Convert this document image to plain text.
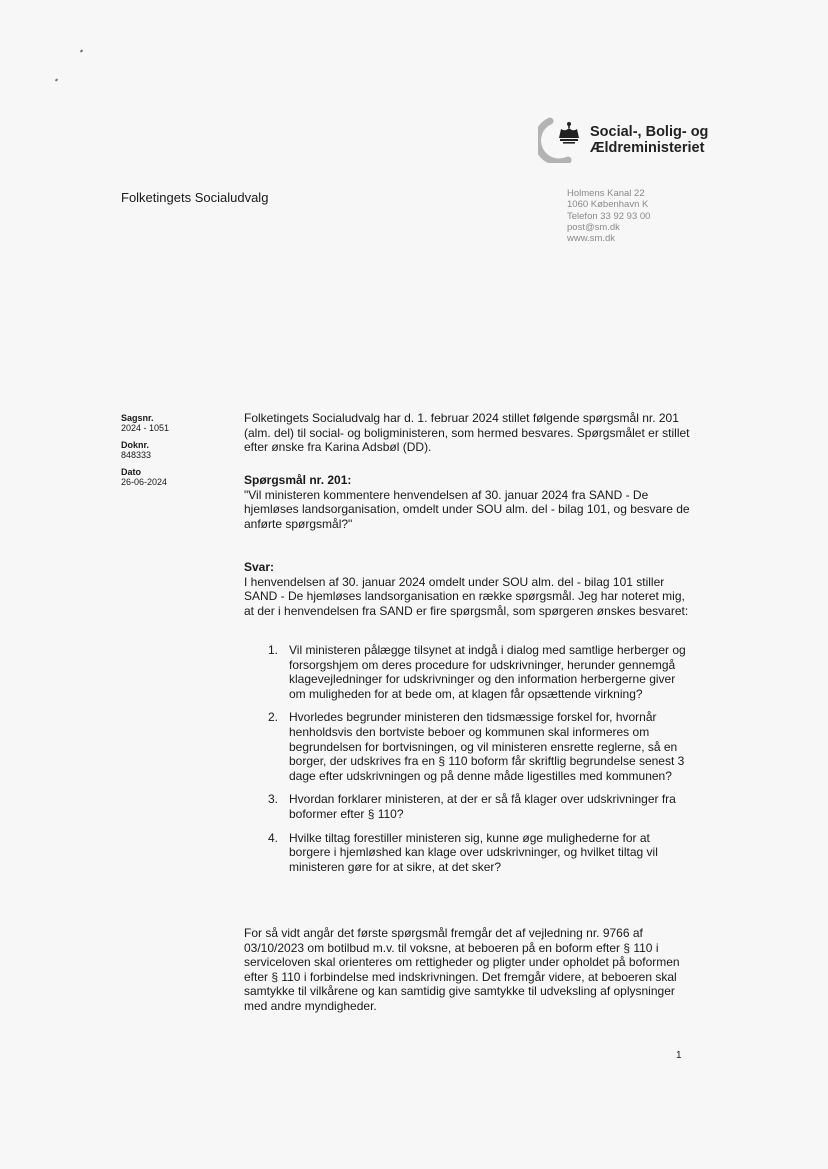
Social-, Bolig- og
Ældreministeriet
Folketingets Socialudvalg	Holmens Kanal 22
1060 København K
Telefon 33 92 93 00
post@sm.dk
www.sm.dk
Sagsnr.
2024 - 1051
Doknr.
848333
Dato
26-06-2024
Folketingets Socialudvalg har d. 1. februar 2024 stillet følgende spørgsmål nr. 201 (alm. del) til social- og boligministeren, som hermed besvares. Spørgsmålet er stillet efter ønske fra Karina Adsbøl (DD).
Spørgsmål nr. 201:
"Vil ministeren kommentere henvendelsen af 30. januar 2024 fra SAND - De hjemløses landsorganisation, omdelt under SOU alm. del - bilag 101, og besvare de anførte spørgsmål?"
Svar:
I henvendelsen af 30. januar 2024 omdelt under SOU alm. del - bilag 101 stiller SAND - De hjemløses landsorganisation en række spørgsmål. Jeg har noteret mig, at der i henvendelsen fra SAND er fire spørgsmål, som spørgeren ønskes besvaret:
1. Vil ministeren pålægge tilsynet at indgå i dialog med samtlige herberger og forsorgshjem om deres procedure for udskrivninger, herunder gennemgå klagevejledninger for udskrivninger og den information herbergerne giver om muligheden for at bede om, at klagen får opsættende virkning?
2. Hvorledes begrunder ministeren den tidsmæssige forskel for, hvornår henholdsvis den bortviste beboer og kommunen skal informeres om begrundelsen for bortvisningen, og vil ministeren ensrette reglerne, så en borger, der udskrives fra en § 110 boform får skriftlig begrundelse senest 3 dage efter udskrivningen og på denne måde ligestilles med kommunen?
3. Hvordan forklarer ministeren, at der er så få klager over udskrivninger fra boformer efter § 110?
4. Hvilke tiltag forestiller ministeren sig, kunne øge mulighederne for at borgere i hjemløshed kan klage over udskrivninger, og hvilket tiltag vil ministeren gøre for at sikre, at det sker?
For så vidt angår det første spørgsmål fremgår det af vejledning nr. 9766 af 03/10/2023 om botilbud m.v. til voksne, at beboeren på en boform efter § 110 i serviceloven skal orienteres om rettigheder og pligter under opholdet på boformen efter § 110 i forbindelse med indskrivningen. Det fremgår videre, at beboeren skal samtykke til vilkårene og kan samtidig give samtykke til udveksling af oplysninger med andre myndigheder.
1
